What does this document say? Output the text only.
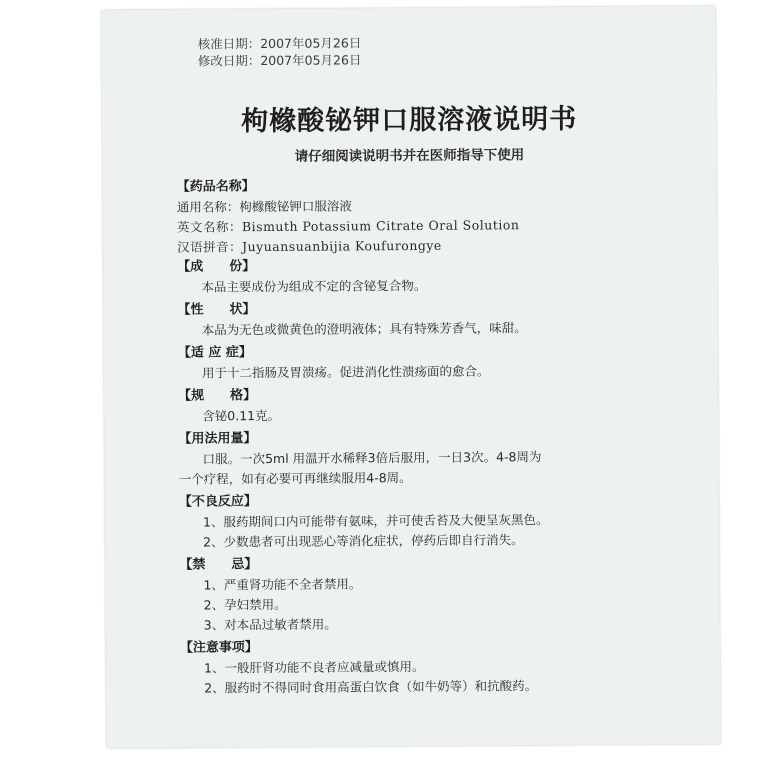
核准日期：2007年05月26日
修改日期：2007年05月26日
枸橼酸铋钾口服溶液说明书
请仔细阅读说明书并在医师指导下使用
【药品名称】
通用名称：枸橼酸铋钾口服溶液
英文名称：Bismuth Potassium Citrate Oral Solution
汉语拼音：Juyuansuanbijia Koufurongye
【成　　份】
本品主要成份为组成不定的含铋复合物。
【性　　状】
本品为无色或微黄色的澄明液体；具有特殊芳香气，味甜。
【适 应 症】
用于十二指肠及胃溃疡。促进消化性溃疡面的愈合。
【规　　格】
含铋0.11克。
【用法用量】
口服。一次5ml 用温开水稀释3倍后服用，一日3次。4-8周为
一个疗程，如有必要可再继续服用4-8周。
【不良反应】
1、服药期间口内可能带有氨味，并可使舌苔及大便呈灰黑色。
2、少数患者可出现恶心等消化症状，停药后即自行消失。
【禁　　忌】
1、严重肾功能不全者禁用。
2、孕妇禁用。
3、对本品过敏者禁用。
【注意事项】
1、一般肝肾功能不良者应减量或慎用。
2、服药时不得同时食用高蛋白饮食（如牛奶等）和抗酸药。
